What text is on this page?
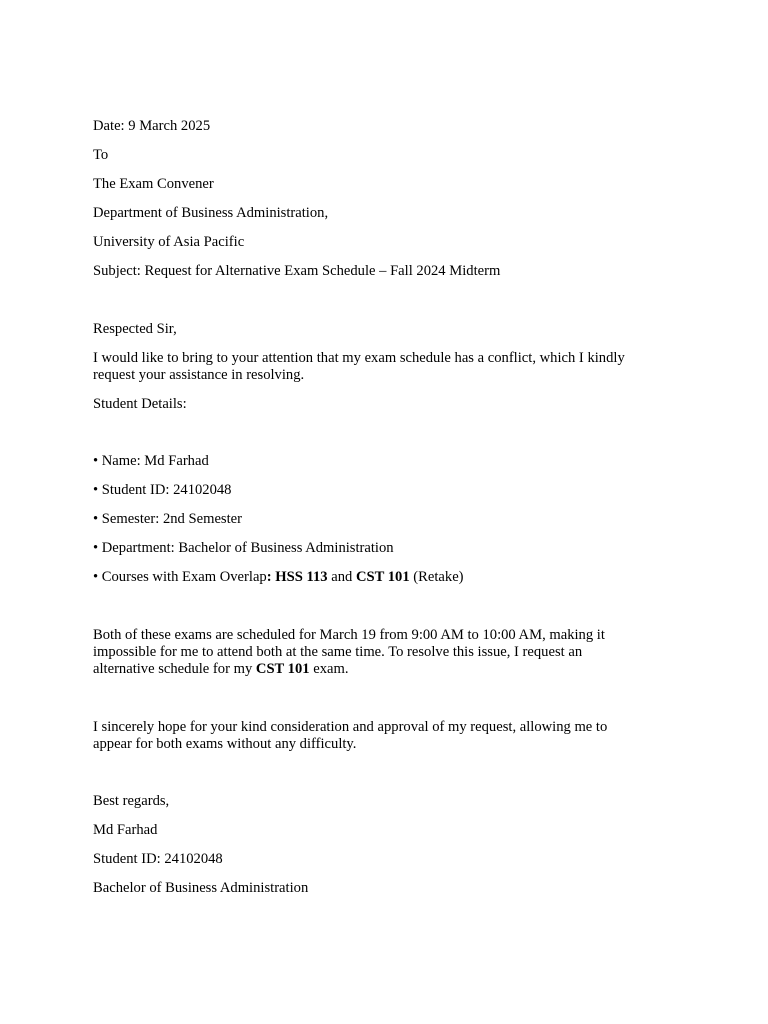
Date: 9 March 2025
To
The Exam Convener
Department of Business Administration,
University of Asia Pacific
Subject: Request for Alternative Exam Schedule – Fall 2024 Midterm
Respected Sir,
I would like to bring to your attention that my exam schedule has a conflict, which I kindly
request your assistance in resolving.
Student Details:
• Name: Md Farhad
• Student ID: 24102048
• Semester: 2nd Semester
• Department: Bachelor of Business Administration
• Courses with Exam Overlap: HSS 113 and CST 101 (Retake)
Both of these exams are scheduled for March 19 from 9:00 AM to 10:00 AM, making it
impossible for me to attend both at the same time. To resolve this issue, I request an
alternative schedule for my CST 101 exam.
I sincerely hope for your kind consideration and approval of my request, allowing me to
appear for both exams without any difficulty.
Best regards,
Md Farhad
Student ID: 24102048
Bachelor of Business Administration
